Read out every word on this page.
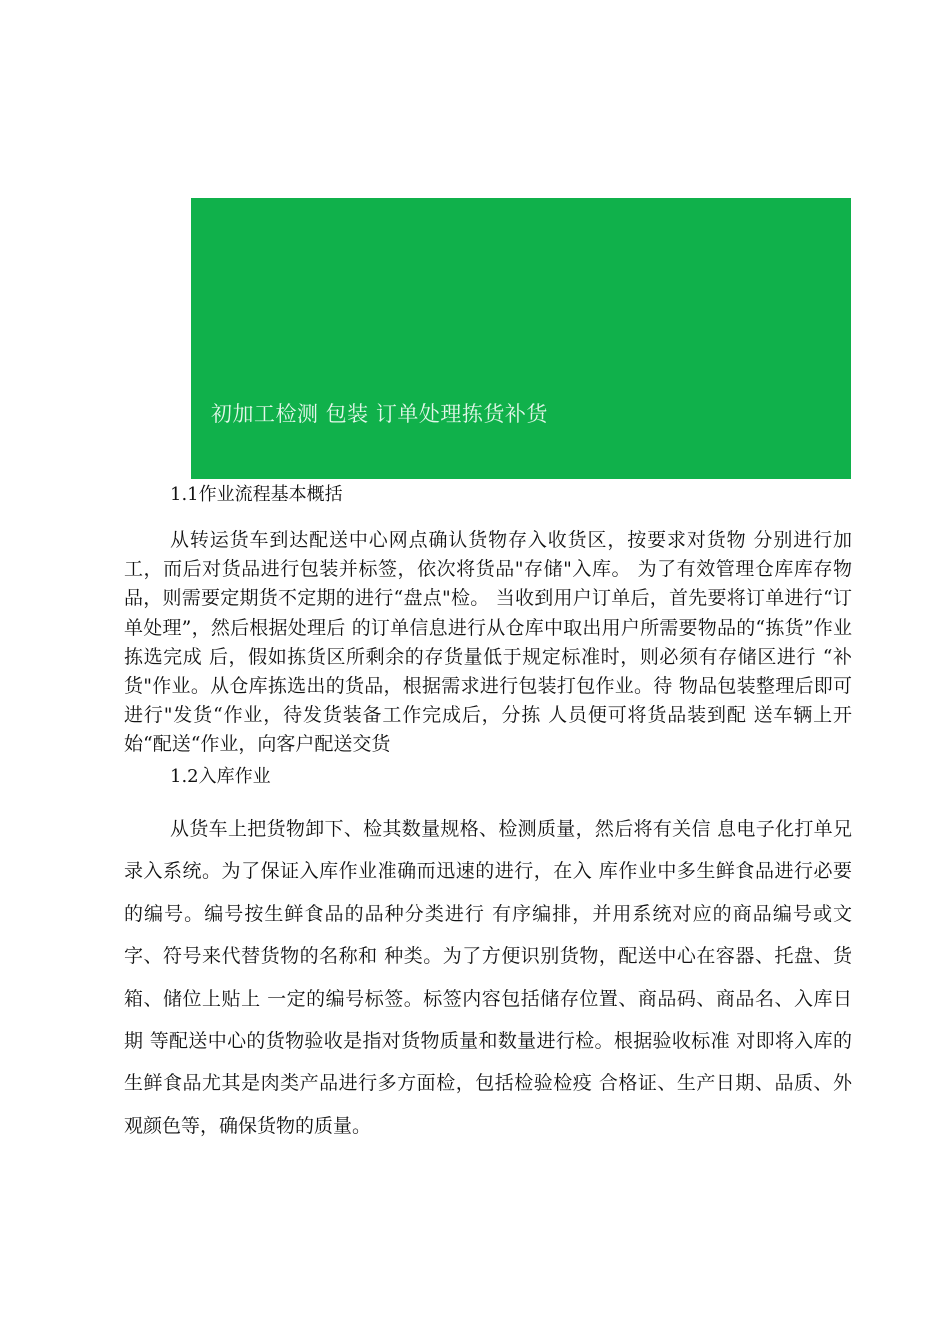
初加工检测 包装 订单处理拣货补货
1.1作业流程基本概括
从转运货车到达配送中心网点确认货物存入收货区，按要求对货物 分别进行加工，而后对货品进行包装并标签，依次将货品"存储"入库。 为了有效管理仓库库存物品，则需要定期货不定期的进行“盘点"检。 当收到用户订单后，首先要将订单进行“订单处理”，然后根据处理后 的订单信息进行从仓库中取出用户所需要物品的“拣货”作业拣选完成 后，假如拣货区所剩余的存货量低于规定标准时，则必须有存储区进行 “补货"作业。从仓库拣选出的货品，根据需求进行包装打包作业。待 物品包装整理后即可进行"发货“作业，待发货装备工作完成后，分拣 人员便可将货品装到配 送车辆上开始“配送“作业，向客户配送交货
1.2入库作业
从货车上把货物卸下、检其数量规格、检测质量，然后将有关信 息电子化打单兄录入系统。为了保证入库作业准确而迅速的进行，在入 库作业中多生鲜食品进行必要的编号。编号按生鲜食品的品种分类进行 有序编排，并用系统对应的商品编号或文字、符号来代替货物的名称和 种类。为了方便识别货物，配送中心在容器、托盘、货箱、储位上贴上 一定的编号标签。标签内容包括储存位置、商品码、商品名、入库日期 等配送中心的货物验收是指对货物质量和数量进行检。根据验收标准 对即将入库的生鲜食品尤其是肉类产品进行多方面检，包括检验检疫 合格证、生产日期、品质、外观颜色等，确保货物的质量。
